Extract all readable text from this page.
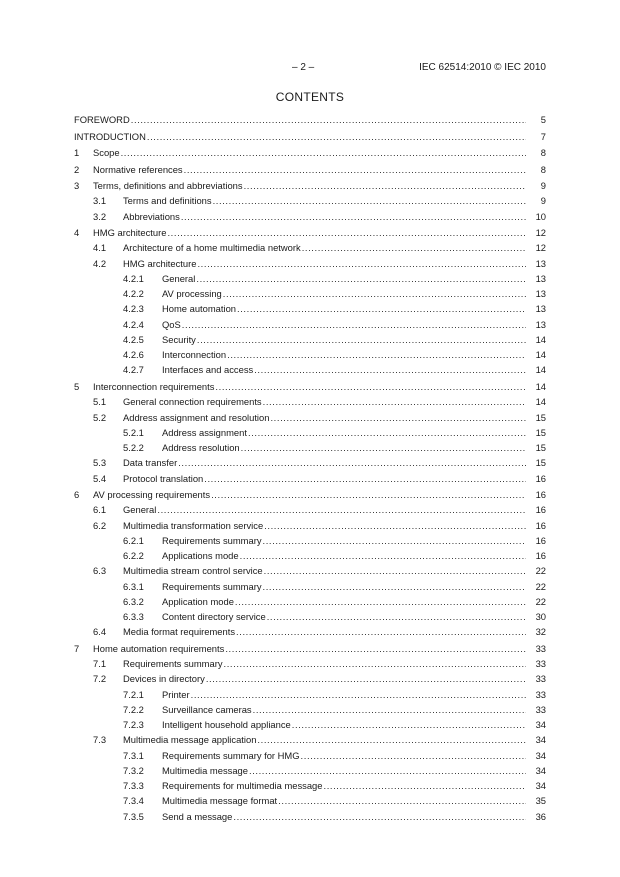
– 2 –	IEC 62514:2010 © IEC 2010
CONTENTS
FOREWORD .....	5
INTRODUCTION .....	7
1	Scope .....	8
2	Normative references .....	8
3	Terms, definitions and abbreviations .....	9
3.1	Terms and definitions .....	9
3.2	Abbreviations .....	10
4	HMG architecture .....	12
4.1	Architecture of a home multimedia network .....	12
4.2	HMG architecture .....	13
4.2.1	General .....	13
4.2.2	AV processing .....	13
4.2.3	Home automation .....	13
4.2.4	QoS .....	13
4.2.5	Security .....	14
4.2.6	Interconnection .....	14
4.2.7	Interfaces and access .....	14
5	Interconnection requirements .....	14
5.1	General connection requirements .....	14
5.2	Address assignment and resolution .....	15
5.2.1	Address assignment .....	15
5.2.2	Address resolution .....	15
5.3	Data transfer .....	15
5.4	Protocol translation .....	16
6	AV processing requirements .....	16
6.1	General .....	16
6.2	Multimedia transformation service .....	16
6.2.1	Requirements summary .....	16
6.2.2	Applications mode .....	16
6.3	Multimedia stream control service .....	22
6.3.1	Requirements summary .....	22
6.3.2	Application mode .....	22
6.3.3	Content directory service .....	30
6.4	Media format requirements .....	32
7	Home automation requirements .....	33
7.1	Requirements summary .....	33
7.2	Devices in directory .....	33
7.2.1	Printer .....	33
7.2.2	Surveillance cameras .....	33
7.2.3	Intelligent household appliance .....	34
7.3	Multimedia message application .....	34
7.3.1	Requirements summary for HMG .....	34
7.3.2	Multimedia message .....	34
7.3.3	Requirements for multimedia message .....	34
7.3.4	Multimedia message format .....	35
7.3.5	Send a message .....	36
